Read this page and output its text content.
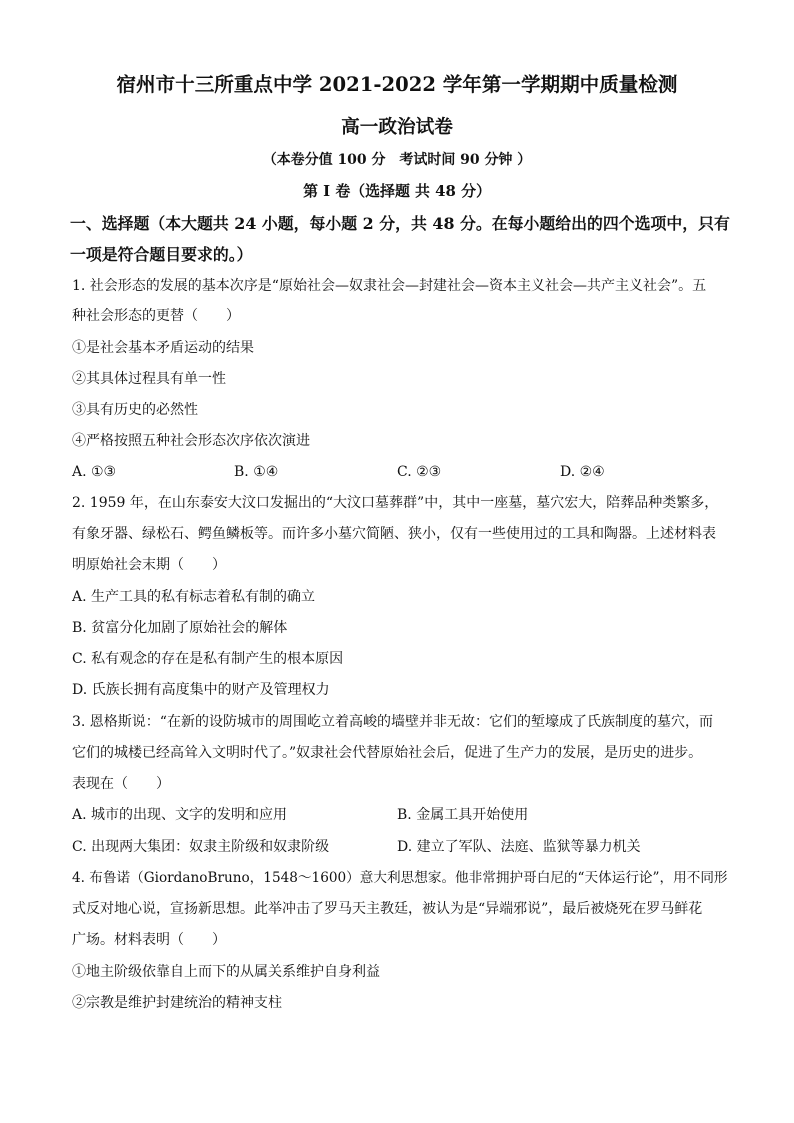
宿州市十三所重点中学 2021-2022 学年第一学期期中质量检测
高一政治试卷
（本卷分值 100 分　考试时间 90 分钟 ）
第 I 卷（选择题 共 48 分）
一、选择题（本大题共 24 小题，每小题 2 分，共 48 分。在每小题给出的四个选项中，只有
一项是符合题目要求的。）
1. 社会形态的发展的基本次序是“原始社会—奴隶社会—封建社会—资本主义社会—共产主义社会”。五
种社会形态的更替（　　）
①是社会基本矛盾运动的结果
②其具体过程具有单一性
③具有历史的必然性
④严格按照五种社会形态次序依次演进
A. ①③	B. ①④	C. ②③	D. ②④
2. 1959 年，在山东泰安大汶口发掘出的“大汶口墓葬群”中，其中一座墓，墓穴宏大，陪葬品种类繁多，
有象牙器、绿松石、鳄鱼鳞板等。而许多小墓穴简陋、狭小，仅有一些使用过的工具和陶器。上述材料表
明原始社会末期（　　）
A. 生产工具的私有标志着私有制的确立
B. 贫富分化加剧了原始社会的解体
C. 私有观念的存在是私有制产生的根本原因
D. 氏族长拥有高度集中的财产及管理权力
3. 恩格斯说：“在新的设防城市的周围屹立着高峻的墙壁并非无故：它们的堑壕成了氏族制度的墓穴，而
它们的城楼已经高耸入文明时代了。”奴隶社会代替原始社会后，促进了生产力的发展，是历史的进步。
表现在（　　）
A. 城市的出现、文字的发明和应用	B. 金属工具开始使用
C. 出现两大集团：奴隶主阶级和奴隶阶级	D. 建立了军队、法庭、监狱等暴力机关
4. 布鲁诺（GiordanoBruno，1548～1600）意大利思想家。他非常拥护哥白尼的“天体运行论”，用不同形
式反对地心说，宣扬新思想。此举冲击了罗马天主教廷，被认为是“异端邪说”，最后被烧死在罗马鲜花
广场。材料表明（　　）
①地主阶级依靠自上而下的从属关系维护自身利益
②宗教是维护封建统治的精神支柱
